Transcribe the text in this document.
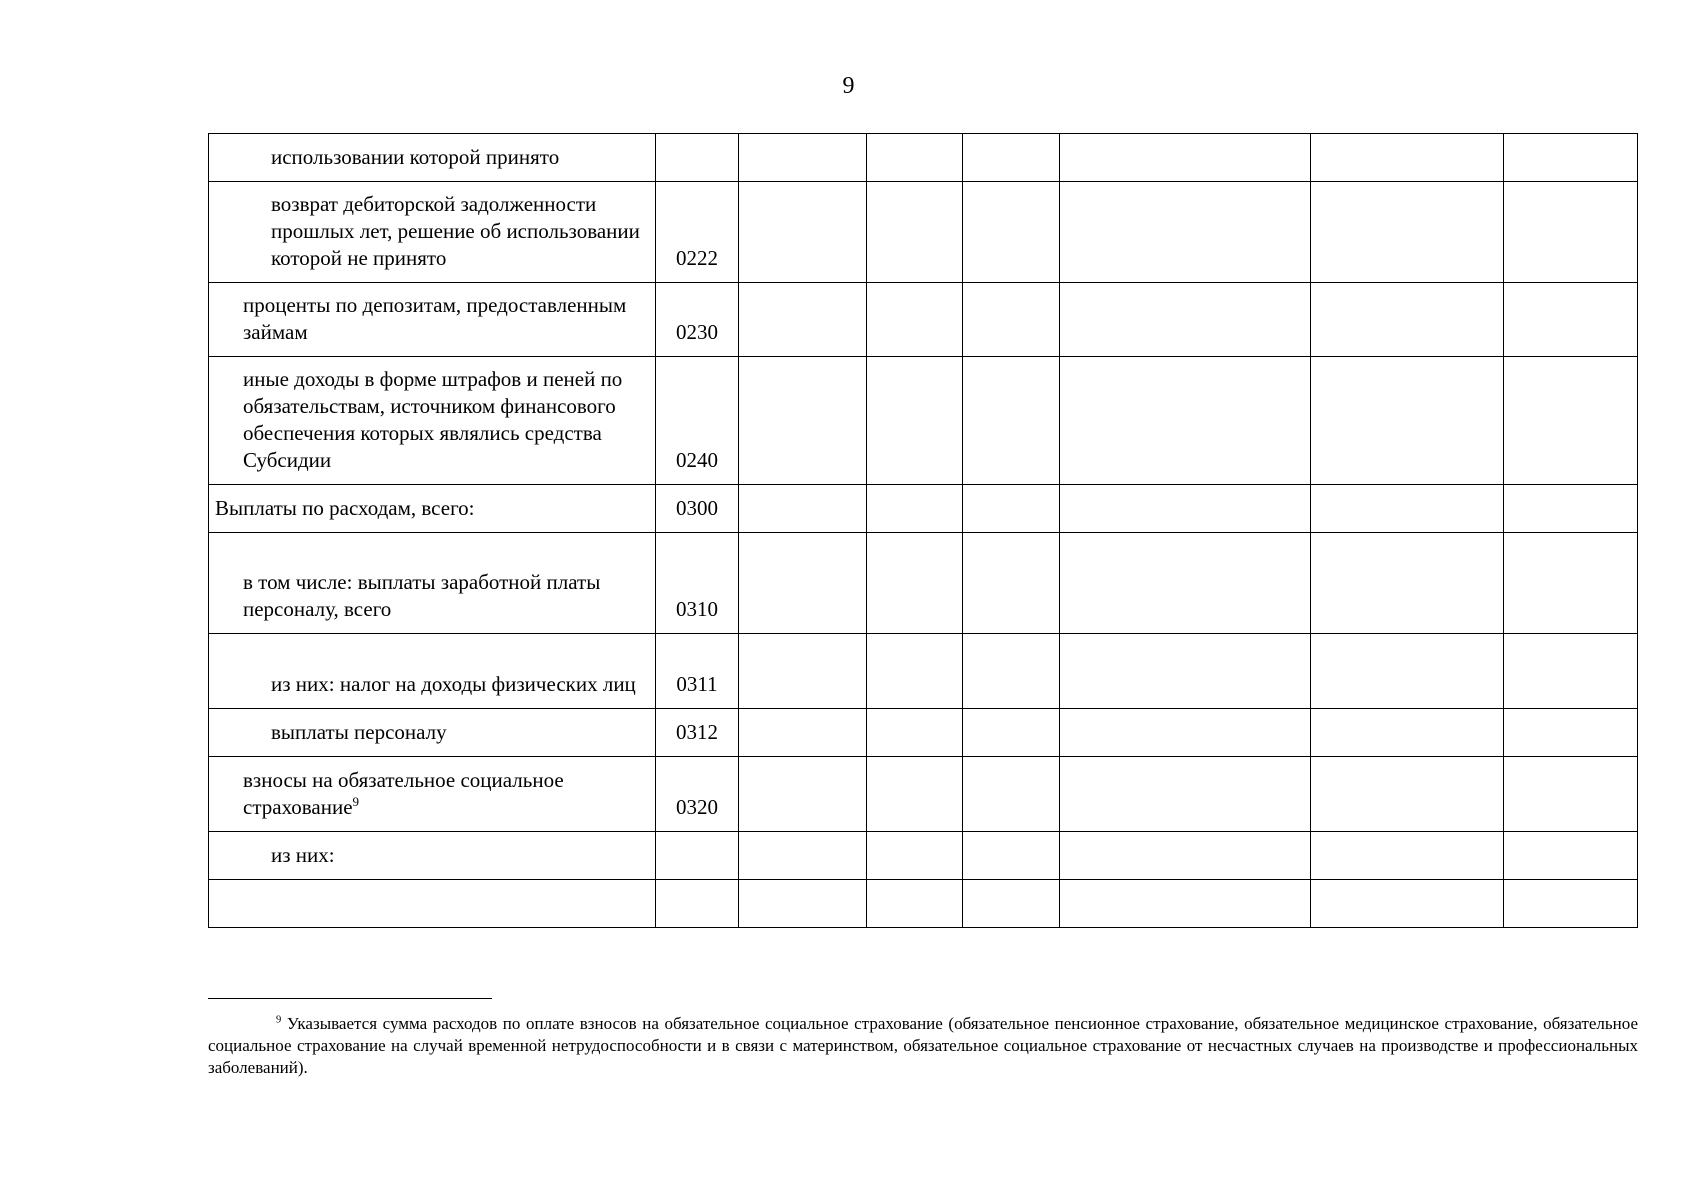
9
использовании которой принято							
возврат дебиторской задолженности прошлых лет, решение об использовании которой не принято	0222						
проценты по депозитам, предоставленным займам	0230						
иные доходы в форме штрафов и пеней по обязательствам, источником финансового обеспечения которых являлись средства Субсидии	0240						
Выплаты по расходам, всего:	0300						
в том числе: выплаты заработной платы персоналу, всего	0310						
из них: налог на доходы физических лиц	0311						
выплаты персоналу	0312						
взносы на обязательное социальное страхование$^9$	0320						
из них:							

$^9$ Указывается сумма расходов по оплате взносов на обязательное социальное страхование (обязательное пенсионное страхование, обязательное медицинское страхование, обязательное социальное страхование на случай временной нетрудоспособности и в связи с материнством, обязательное социальное страхование от несчастных случаев на производстве и профессиональных заболеваний).
